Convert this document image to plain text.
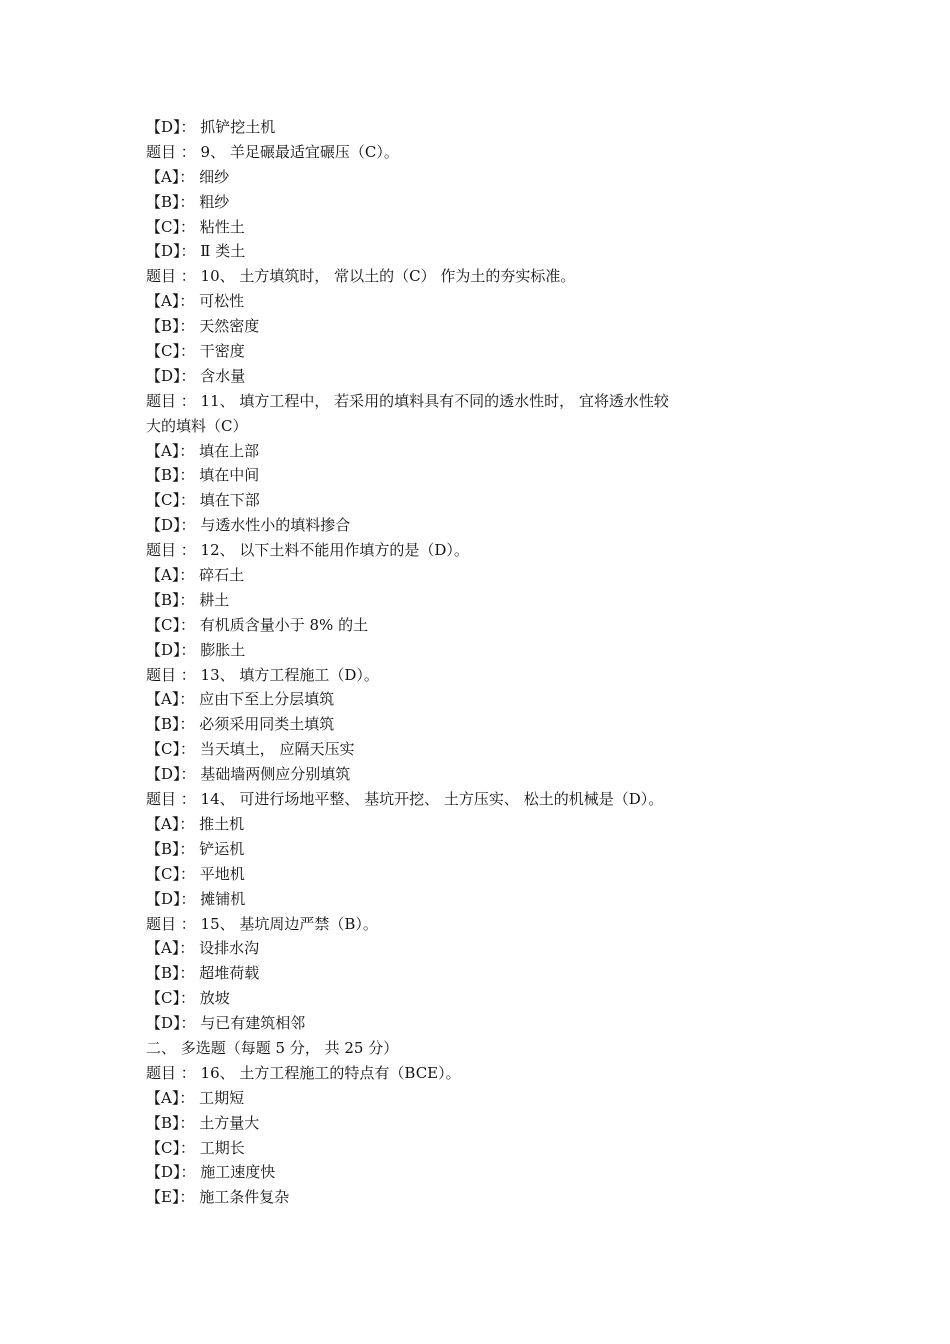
【D】： 抓铲挖土机
题目 ： 9、 羊足碾最适宜碾压（C）。
【A】： 细纱
【B】： 粗纱
【C】： 粘性土
【D】： Ⅱ 类土
题目 ： 10、 土方填筑时， 常以土的（C） 作为土的夯实标准。
【A】： 可松性
【B】： 天然密度
【C】： 干密度
【D】： 含水量
题目 ： 11、 填方工程中， 若采用的填料具有不同的透水性时， 宜将透水性较
大的填料（C）
【A】： 填在上部
【B】： 填在中间
【C】： 填在下部
【D】： 与透水性小的填料掺合
题目 ： 12、 以下土料不能用作填方的是（D）。
【A】： 碎石土
【B】： 耕土
【C】： 有机质含量小于 8% 的土
【D】： 膨胀土
题目 ： 13、 填方工程施工（D）。
【A】： 应由下至上分层填筑
【B】： 必须采用同类土填筑
【C】： 当天填土， 应隔天压实
【D】： 基础墙两侧应分别填筑
题目 ： 14、 可进行场地平整、 基坑开挖、 土方压实、 松土的机械是（D）。
【A】： 推土机
【B】： 铲运机
【C】： 平地机
【D】： 摊铺机
题目 ： 15、 基坑周边严禁（B）。
【A】： 设排水沟
【B】： 超堆荷载
【C】： 放坡
【D】： 与已有建筑相邻
二、 多选题（每题 5 分， 共 25 分）
题目 ： 16、 土方工程施工的特点有（BCE）。
【A】： 工期短
【B】： 土方量大
【C】： 工期长
【D】： 施工速度快
【E】： 施工条件复杂
